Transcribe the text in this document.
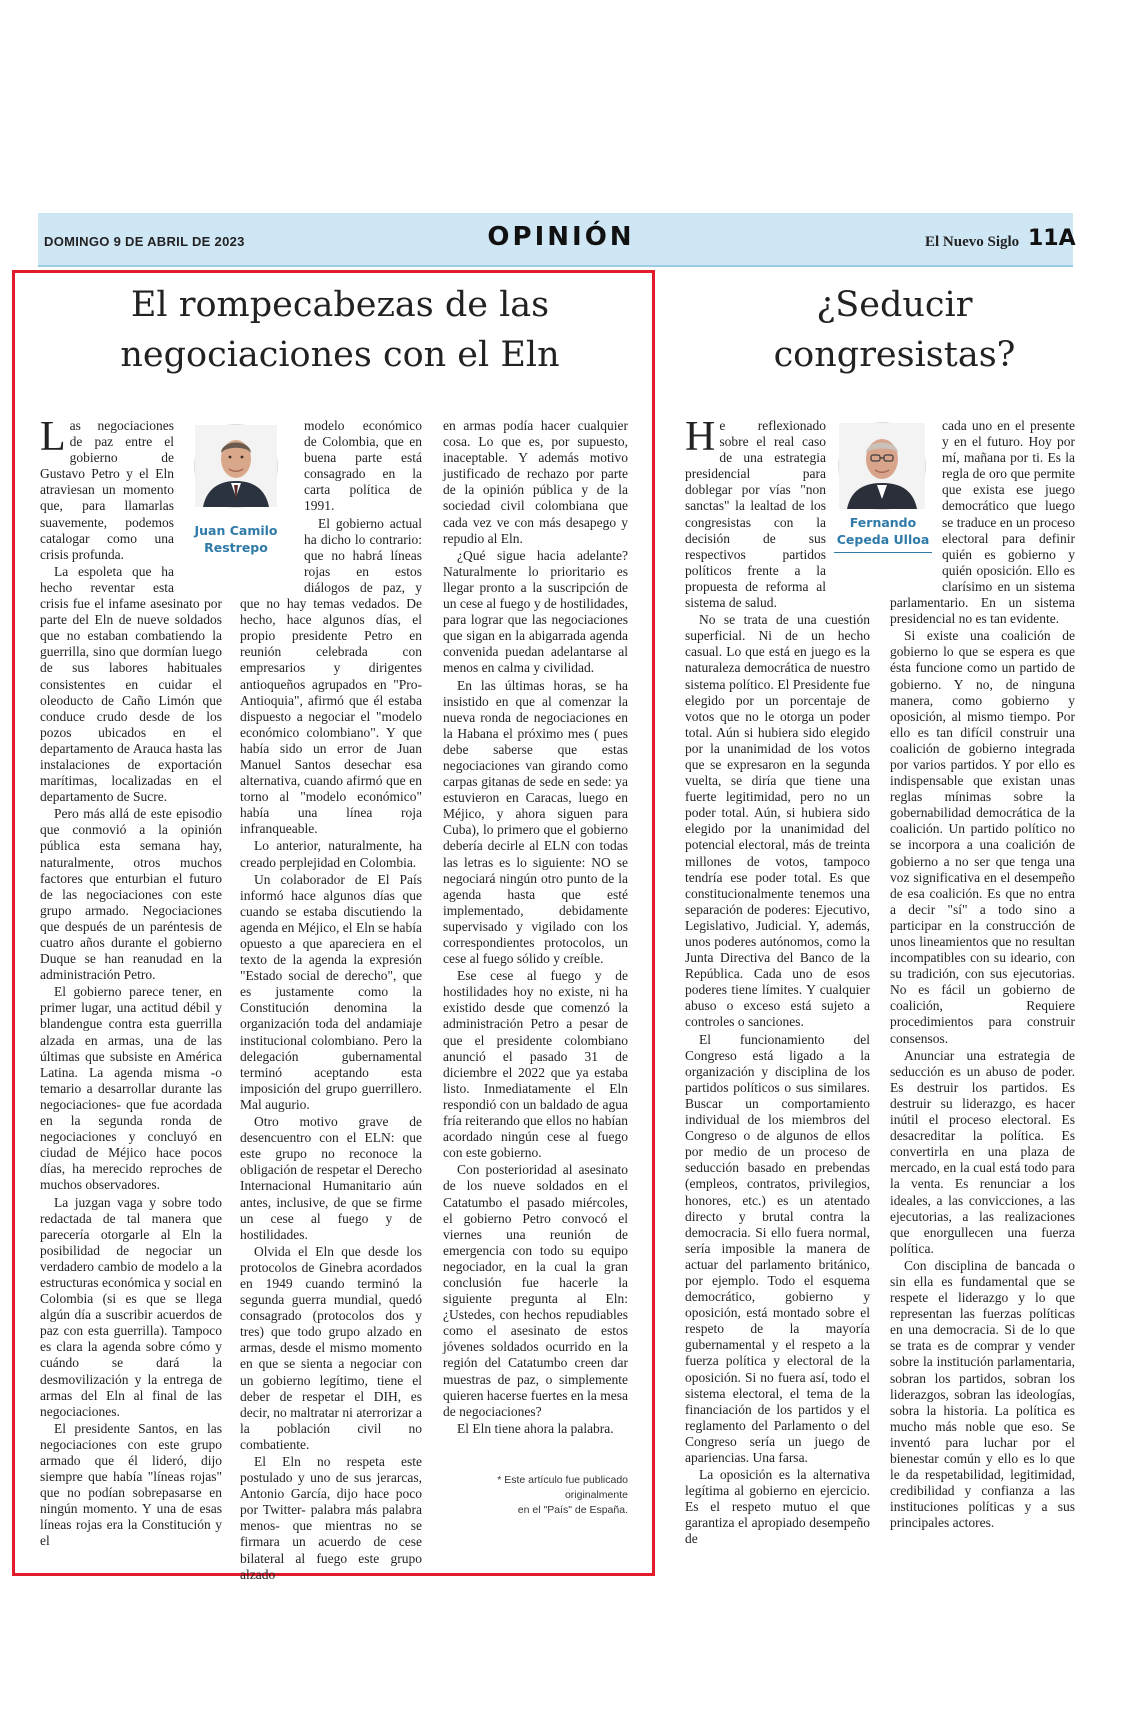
DOMINGO 9 DE ABRIL DE 2023	OPINIÓN	El Nuevo Siglo 11A
El rompecabezas de las
negociaciones con el Eln
Juan Camilo
Restrepo

Las negociaciones de paz entre el gobierno de Gustavo Petro y el Eln atraviesan un momento que, para llamarlas suavemente, podemos catalogar como una crisis profunda.

La espoleta que ha hecho reventar esta crisis fue el infame asesinato por parte del Eln de nueve soldados que no estaban combatiendo la guerrilla, sino que dormían luego de sus labores habituales consistentes en cuidar el oleoducto de Caño Limón que conduce crudo desde de los pozos ubicados en el departamento de Arauca hasta las instalaciones de exportación marítimas, localizadas en el departamento de Sucre.

Pero más allá de este episodio que conmovió a la opinión pública esta semana hay, naturalmente, otros muchos factores que enturbian el futuro de las negociaciones con este grupo armado. Negociaciones que después de un paréntesis de cuatro años durante el gobierno Duque se han reanudad en la administración Petro.

El gobierno parece tener, en primer lugar, una actitud débil y blandengue contra esta guerrilla alzada en armas, una de las últimas que subsiste en América Latina. La agenda misma -o temario a desarrollar durante las negociaciones- que fue acordada en la segunda ronda de negociaciones y concluyó en ciudad de Méjico hace pocos días, ha merecido reproches de muchos observadores.

La juzgan vaga y sobre todo redactada de tal manera que parecería otorgarle al Eln la posibilidad de negociar un verdadero cambio de modelo a la estructuras económica y social en Colombia (si es que se llega algún día a suscribir acuerdos de paz con esta guerrilla). Tampoco es clara la agenda sobre cómo y cuándo se dará la desmovilización y la entrega de armas del Eln al final de las negociaciones.

El presidente Santos, en las negociaciones con este grupo armado que él lideró, dijo siempre que había "líneas rojas" que no podían sobrepasarse en ningún momento. Y una de esas líneas rojas era la Constitución y el

modelo económico de Colombia, que en buena parte está consagrado en la carta política de 1991.

El gobierno actual ha dicho lo contrario: que no habrá líneas rojas en estos diálogos de paz, y que no hay temas vedados. De hecho, hace algunos días, el propio presidente Petro en reunión celebrada con empresarios y dirigentes antioqueños agrupados en "Pro-Antioquia", afirmó que él estaba dispuesto a negociar el "modelo económico colombiano". Y que había sido un error de Juan Manuel Santos desechar esa alternativa, cuando afirmó que en torno al "modelo económico" había una línea roja infranqueable.

Lo anterior, naturalmente, ha creado perplejidad en Colombia.

Un colaborador de El País informó hace algunos días que cuando se estaba discutiendo la agenda en Méjico, el Eln se había opuesto a que apareciera en el texto de la agenda la expresión "Estado social de derecho", que es justamente como la Constitución denomina la organización toda del andamiaje institucional colombiano. Pero la delegación gubernamental terminó aceptando esta imposición del grupo guerrillero. Mal augurio.

Otro motivo grave de desencuentro con el ELN: que este grupo no reconoce la obligación de respetar el Derecho Internacional Humanitario aún antes, inclusive, de que se firme un cese al fuego y de hostilidades.

Olvida el Eln que desde los protocolos de Ginebra acordados en 1949 cuando terminó la segunda guerra mundial, quedó consagrado (protocolos dos y tres) que todo grupo alzado en armas, desde el mismo momento en que se sienta a negociar con un gobierno legítimo, tiene el deber de respetar el DIH, es decir, no maltratar ni aterrorizar a la población civil no combatiente.

El Eln no respeta este postulado y uno de sus jerarcas, Antonio García, dijo hace poco por Twitter- palabra más palabra menos- que mientras no se firmara un acuerdo de cese bilateral al fuego este grupo alzado

en armas podía hacer cualquier cosa. Lo que es, por supuesto, inaceptable. Y además motivo justificado de rechazo por parte de la opinión pública y de la sociedad civil colombiana que cada vez ve con más desapego y repudio al Eln.

¿Qué sigue hacia adelante? Naturalmente lo prioritario es llegar pronto a la suscripción de un cese al fuego y de hostilidades, para lograr que las negociaciones que sigan en la abigarrada agenda convenida puedan adelantarse al menos en calma y civilidad.

En las últimas horas, se ha insistido en que al comenzar la nueva ronda de negociaciones en la Habana el próximo mes ( pues debe saberse que estas negociaciones van girando como carpas gitanas de sede en sede: ya estuvieron en Caracas, luego en Méjico, y ahora siguen para Cuba), lo primero que el gobierno debería decirle al ELN con todas las letras es lo siguiente: NO se negociará ningún otro punto de la agenda hasta que esté implementado, debidamente supervisado y vigilado con los correspondientes protocolos, un cese al fuego sólido y creíble.

Ese cese al fuego y de hostilidades hoy no existe, ni ha existido desde que comenzó la administración Petro a pesar de que el presidente colombiano anunció el pasado 31 de diciembre el 2022 que ya estaba listo. Inmediatamente el Eln respondió con un baldado de agua fría reiterando que ellos no habían acordado ningún cese al fuego con este gobierno.

Con posterioridad al asesinato de los nueve soldados en el Catatumbo el pasado miércoles, el gobierno Petro convocó el viernes una reunión de emergencia con todo su equipo negociador, en la cual la gran conclusión fue hacerle la siguiente pregunta al Eln: ¿Ustedes, con hechos repudiables como el asesinato de estos jóvenes soldados ocurrido en la región del Catatumbo creen dar muestras de paz, o simplemente quieren hacerse fuertes en la mesa de negociaciones?

El Eln tiene ahora la palabra.

* Este artículo fue publicado originalmente
en el "País" de España.
¿Seducir
congresistas?
Fernando
Cepeda Ulloa

He reflexionado sobre el real caso de una estrategia presidencial para doblegar por vías "non sanctas" la lealtad de los congresistas con la decisión de sus respectivos partidos políticos frente a la propuesta de reforma al sistema de salud.

No se trata de una cuestión superficial. Ni de un hecho casual. Lo que está en juego es la naturaleza democrática de nuestro sistema político. El Presidente fue elegido por un porcentaje de votos que no le otorga un poder total. Aún si hubiera sido elegido por la unanimidad de los votos que se expresaron en la segunda vuelta, se diría que tiene una fuerte legitimidad, pero no un poder total. Aún, si hubiera sido elegido por la unanimidad del potencial electoral, más de treinta millones de votos, tampoco tendría ese poder total. Es que constitucionalmente tenemos una separación de poderes: Ejecutivo, Legislativo, Judicial. Y, además, unos poderes autónomos, como la Junta Directiva del Banco de la República. Cada uno de esos poderes tiene límites. Y cualquier abuso o exceso está sujeto a controles o sanciones.

El funcionamiento del Congreso está ligado a la organización y disciplina de los partidos políticos o sus similares. Buscar un comportamiento individual de los miembros del Congreso o de algunos de ellos por medio de un proceso de seducción basado en prebendas (empleos, contratos, privilegios, honores, etc.) es un atentado directo y brutal contra la democracia. Si ello fuera normal, sería imposible la manera de actuar del parlamento británico, por ejemplo. Todo el esquema democrático, gobierno y oposición, está montado sobre el respeto de la mayoría gubernamental y el respeto a la fuerza política y electoral de la oposición. Si no fuera así, todo el sistema electoral, el tema de la financiación de los partidos y el reglamento del Parlamento o del Congreso sería un juego de apariencias. Una farsa.

La oposición es la alternativa legítima al gobierno en ejercicio. Es el respeto mutuo el que garantiza el apropiado desempeño de

cada uno en el presente y en el futuro. Hoy por mí, mañana por ti. Es la regla de oro que permite que exista ese juego democrático que luego se traduce en un proceso electoral para definir quién es gobierno y quién oposición. Ello es clarísimo en un sistema parlamentario. En un sistema presidencial no es tan evidente.

Si existe una coalición de gobierno lo que se espera es que ésta funcione como un partido de gobierno. Y no, de ninguna manera, como gobierno y oposición, al mismo tiempo. Por ello es tan difícil construir una coalición de gobierno integrada por varios partidos. Y por ello es indispensable que existan unas reglas mínimas sobre la gobernabilidad democrática de la coalición. Un partido político no se incorpora a una coalición de gobierno a no ser que tenga una voz significativa en el desempeño de esa coalición. Es que no entra a decir "sí" a todo sino a participar en la construcción de unos lineamientos que no resultan incompatibles con su ideario, con su tradición, con sus ejecutorias. No es fácil un gobierno de coalición, Requiere procedimientos para construir consensos.

Anunciar una estrategia de seducción es un abuso de poder. Es destruir los partidos. Es destruir su liderazgo, es hacer inútil el proceso electoral. Es desacreditar la política. Es convertirla en una plaza de mercado, en la cual está todo para la venta. Es renunciar a los ideales, a las convicciones, a las ejecutorias, a las realizaciones que enorgullecen una fuerza política.

Con disciplina de bancada o sin ella es fundamental que se respete el liderazgo y lo que representan las fuerzas políticas en una democracia. Si de lo que se trata es de comprar y vender sobre la institución parlamentaria, sobran los partidos, sobran los liderazgos, sobran las ideologías, sobra la historia. La política es mucho más noble que eso. Se inventó para luchar por el bienestar común y ello es lo que le da respetabilidad, legitimidad, credibilidad y confianza a las instituciones políticas y a sus principales actores.
